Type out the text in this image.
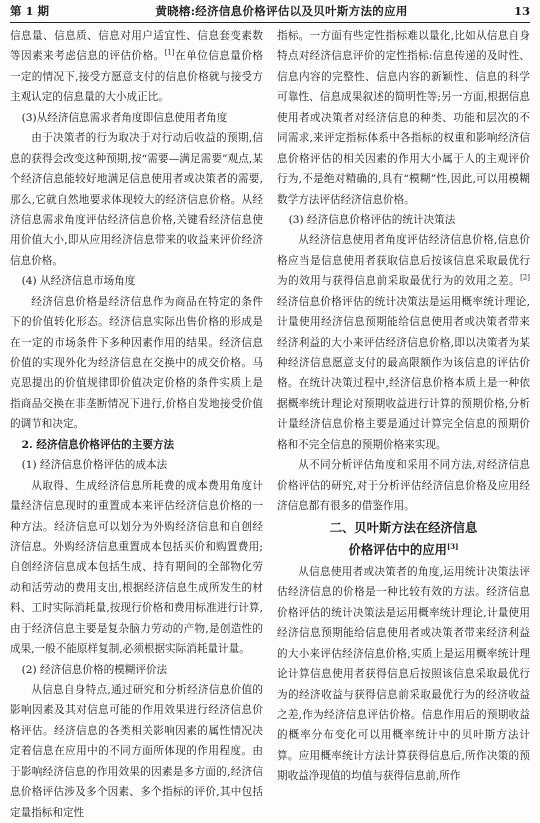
第 1 期	黄晓榕:经济信息价格评估以及贝叶斯方法的应用	13

信息量、信息质、信息对用户适宜性、信息套变素数等因素来考虑信息的评估价格。[1]在单位信息量价格一定的情况下,接受方愿意支付的信息价格就与接受方主观认定的信息量的大小成正比。

(3)从经济信息需求者角度即信息使用者角度

由于决策者的行为取决于对行动后收益的预期,信息的获得会改变这种预期,按“需要—满足需要”观点,某个经济信息能较好地满足信息使用者或决策者的需要,那么,它就自然地要求体现较大的经济信息价格。从经济信息需求角度评估经济信息价格,关键看经济信息使用价值大小,即从应用经济信息带来的收益来评价经济信息价格。

(4) 从经济信息市场角度

经济信息价格是经济信息作为商品在特定的条件下的价值转化形态。经济信息实际出售价格的形成是在一定的市场条件下多种因素作用的结果。经济信息价值的实现外化为经济信息在交换中的成交价格。马克思提出的价值规律即价值决定价格的条件实质上是指商品交换在非垄断情况下进行,价格自发地接受价值的调节和决定。

2. 经济信息价格评估的主要方法

(1) 经济信息价格评估的成本法

从取得、生成经济信息所耗费的成本费用角度计量经济信息现时的重置成本来评估经济信息价格的一种方法。经济信息可以划分为外购经济信息和自创经济信息。外购经济信息重置成本包括买价和购置费用;自创经济信息成本包括生成、持有期间的全部物化劳动和活劳动的费用支出,根据经济信息生成所发生的材料、工时实际消耗量,按现行价格和费用标准进行计算,由于经济信息主要是复杂脑力劳动的产物,是创造性的成果,一般不能原样复制,必须根据实际消耗量计量。

(2) 经济信息价格的模糊评价法

从信息自身特点,通过研究和分析经济信息价值的影响因素及其对信息可能的作用效果进行经济信息价格评估。经济信息的各类相关影响因素的属性情况决定着信息在应用中的不同方面所体现的作用程度。由于影响经济信息的作用效果的因素是多方面的,经济信息价格评估涉及多个因素、多个指标的评价,其中包括定量指标和定性

指标。一方面有些定性指标难以量化,比如从信息自身特点对经济信息评价的定性指标:信息传递的及时性、信息内容的完整性、信息内容的新颖性、信息的科学可靠性、信息成果叙述的简明性等;另一方面,根据信息使用者或决策者对经济信息的种类、功能和层次的不同需求,来评定指标体系中各指标的权重和影响经济信息价格评估的相关因素的作用大小属于人的主观评价行为,不是绝对精确的,具有“模糊”性,因此,可以用模糊数学方法评估经济信息价格。

(3) 经济信息价格评估的统计决策法

从经济信息使用者角度评估经济信息价格,信息价格应当是信息使用者获取信息后按该信息采取最优行为的效用与获得信息前采取最优行为的效用之差。[2]经济信息价格评估的统计决策法是运用概率统计理论,计量使用经济信息预期能给信息使用者或决策者带来经济利益的大小来评估经济信息价格,即以决策者为某种经济信息愿意支付的最高限额作为该信息的评估价格。在统计决策过程中,经济信息价格本质上是一种依据概率统计理论对预期收益进行计算的预期价格,分析计量经济信息价格主要是通过计算完全信息的预期价格和不完全信息的预期价格来实现。

从不同分析评估角度和采用不同方法,对经济信息价格评估的研究,对于分析评估经济信息价格及应用经济信息都有很多的借鉴作用。

二、贝叶斯方法在经济信息
价格评估中的应用[3]

从信息使用者或决策者的角度,运用统计决策法评估经济信息的价格是一种比较有效的方法。经济信息价格评估的统计决策法是运用概率统计理论,计量使用经济信息预期能给信息使用者或决策者带来经济利益的大小来评估经济信息价格,实质上是运用概率统计理论计算信息使用者获得信息后按照该信息采取最优行为的经济收益与获得信息前采取最优行为的经济收益之差,作为经济信息评估价格。信息作用后的预期收益的概率分布变化可以用概率统计中的贝叶斯方法计算。应用概率统计方法计算获得信息后,所作决策的预期收益净现值的均值与获得信息前,所作
